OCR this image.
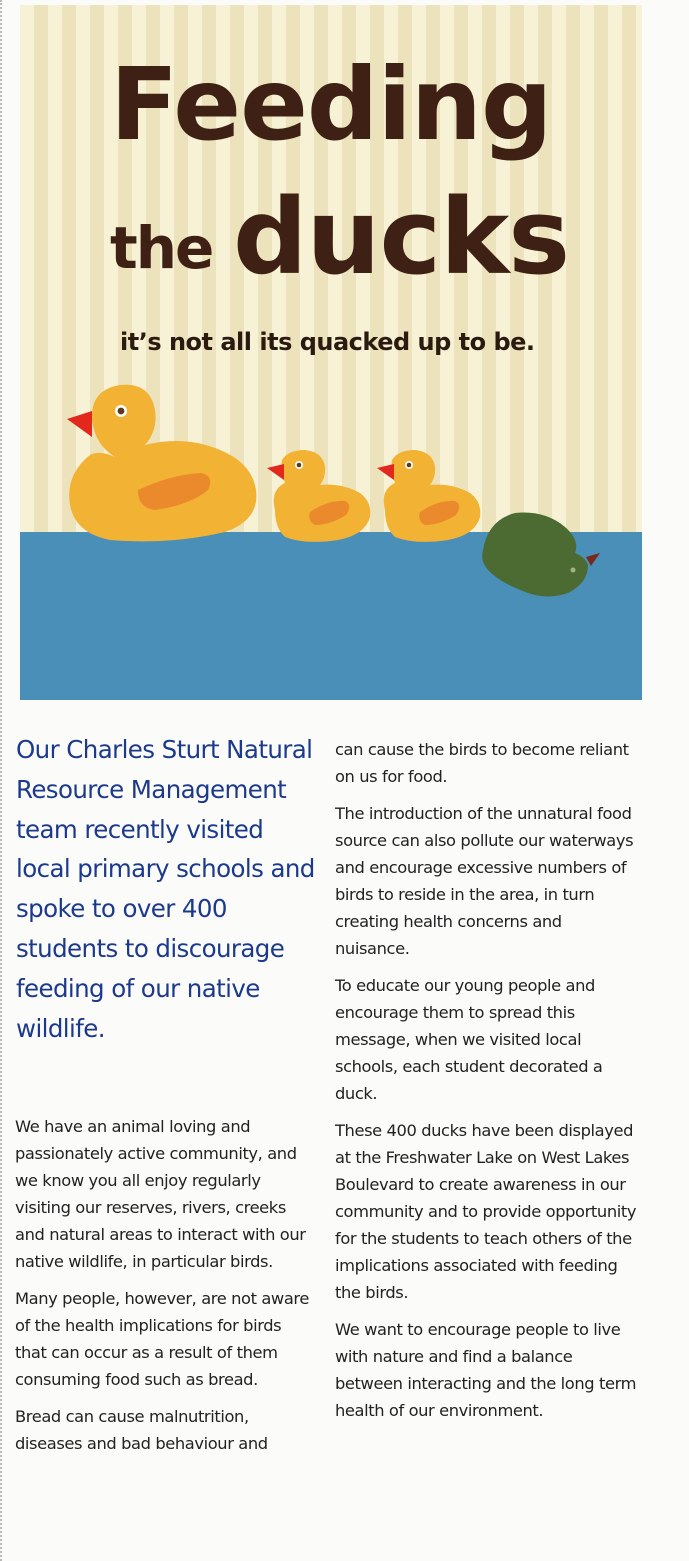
Feeding
the ducks

it’s not all its quacked up to be.

Our Charles Sturt Natural Resource Management team recently visited local primary schools and spoke to over 400 students to discourage feeding of our native wildlife.

We have an animal loving and passionately active community, and we know you all enjoy regularly visiting our reserves, rivers, creeks and natural areas to interact with our native wildlife, in particular birds.

Many people, however, are not aware of the health implications for birds that can occur as a result of them consuming food such as bread.

Bread can cause malnutrition, diseases and bad behaviour and

can cause the birds to become reliant on us for food.

The introduction of the unnatural food source can also pollute our waterways and encourage excessive numbers of birds to reside in the area, in turn creating health concerns and nuisance.

To educate our young people and encourage them to spread this message, when we visited local schools, each student decorated a duck.

These 400 ducks have been displayed at the Freshwater Lake on West Lakes Boulevard to create awareness in our community and to provide opportunity for the students to teach others of the implications associated with feeding the birds.

We want to encourage people to live with nature and find a balance between interacting and the long term health of our environment.
